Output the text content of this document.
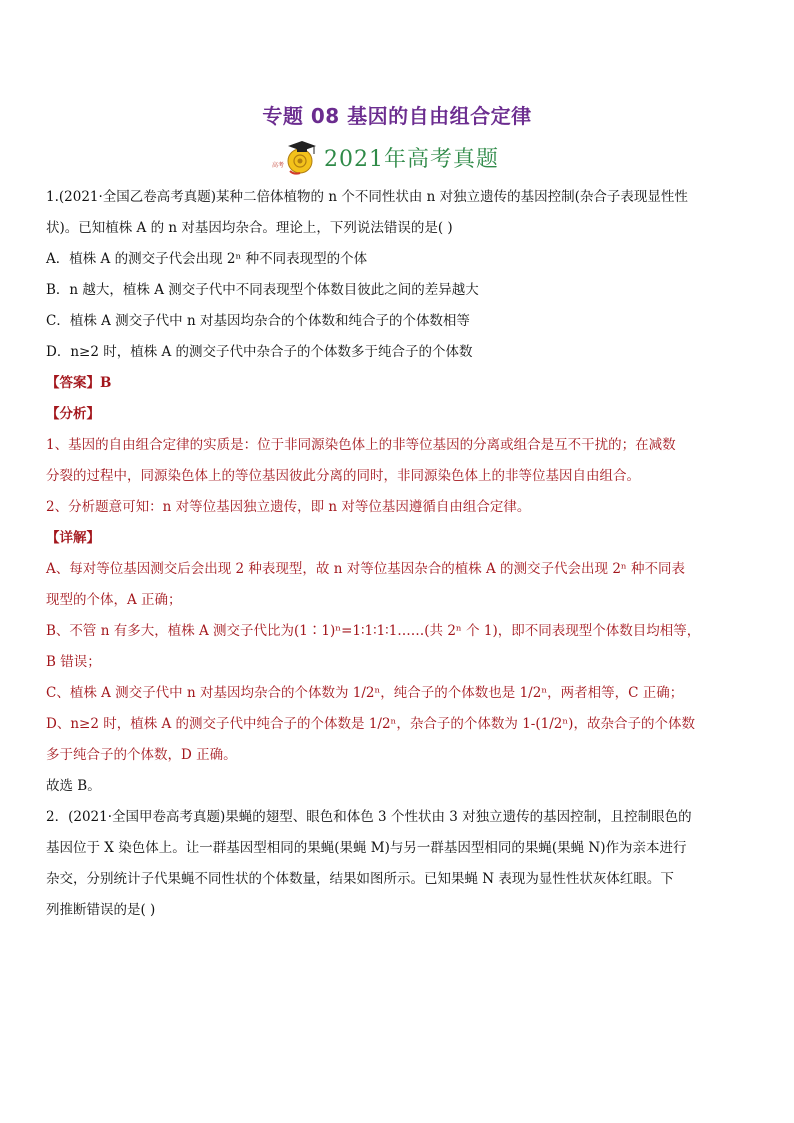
专题 08 基因的自由组合定律
高考 2021年高考真题

1.(2021·全国乙卷高考真题)某种二倍体植物的 n 个不同性状由 n 对独立遗传的基因控制(杂合子表现显性性

状)。已知植株 A 的 n 对基因均杂合。理论上，下列说法错误的是( )

A．植株 A 的测交子代会出现 2ⁿ 种不同表现型的个体

B．n 越大，植株 A 测交子代中不同表现型个体数目彼此之间的差异越大

C．植株 A 测交子代中 n 对基因均杂合的个体数和纯合子的个体数相等

D．n≥2 时，植株 A 的测交子代中杂合子的个体数多于纯合子的个体数

【答案】B

【分析】

1、基因的自由组合定律的实质是：位于非同源染色体上的非等位基因的分离或组合是互不干扰的；在减数

分裂的过程中，同源染色体上的等位基因彼此分离的同时，非同源染色体上的非等位基因自由组合。

2、分析题意可知：n 对等位基因独立遗传，即 n 对等位基因遵循自由组合定律。

【详解】

A、每对等位基因测交后会出现 2 种表现型，故 n 对等位基因杂合的植株 A 的测交子代会出现 2ⁿ 种不同表

现型的个体，A 正确；

B、不管 n 有多大，植株 A 测交子代比为(1∶1)ⁿ=1∶1∶1∶1……(共 2ⁿ 个 1)，即不同表现型个体数目均相等，

B 错误；

C、植株 A 测交子代中 n 对基因均杂合的个体数为 1/2ⁿ，纯合子的个体数也是 1/2ⁿ，两者相等，C 正确；

D、n≥2 时，植株 A 的测交子代中纯合子的个体数是 1/2ⁿ，杂合子的个体数为 1-(1/2ⁿ)，故杂合子的个体数

多于纯合子的个体数，D 正确。

故选 B。

2．(2021·全国甲卷高考真题)果蝇的翅型、眼色和体色 3 个性状由 3 对独立遗传的基因控制，且控制眼色的

基因位于 X 染色体上。让一群基因型相同的果蝇(果蝇 M)与另一群基因型相同的果蝇(果蝇 N)作为亲本进行

杂交，分别统计子代果蝇不同性状的个体数量，结果如图所示。已知果蝇 N 表现为显性性状灰体红眼。下

列推断错误的是( )
